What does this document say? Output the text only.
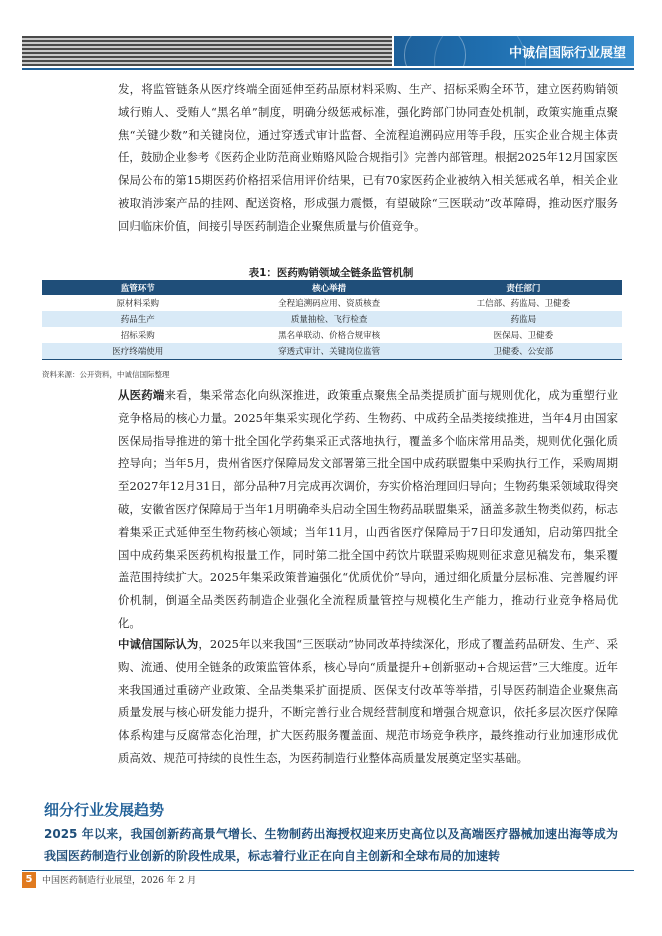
中诚信国际行业展望

发，将监管链条从医疗终端全面延伸至药品原材料采购、生产、招标采购全环节，建立医药购销领域行贿人、受贿人“黑名单”制度，明确分级惩戒标准，强化跨部门协同查处机制，政策实施重点聚焦“关键少数”和关键岗位，通过穿透式审计监督、全流程追溯码应用等手段，压实企业合规主体责任，鼓励企业参考《医药企业防范商业贿赂风险合规指引》完善内部管理。根据2025年12月国家医保局公布的第15期医药价格招采信用评价结果，已有70家医药企业被纳入相关惩戒名单，相关企业被取消涉案产品的挂网、配送资格，形成强力震慑，有望破除“三医联动”改革障碍，推动医疗服务回归临床价值，间接引导医药制造企业聚焦质量与价值竞争。

表1：医药购销领域全链条监管机制
监管环节	核心举措	责任部门
原材料采购	全程追溯码应用、资质核查	工信部、药监局、卫健委
药品生产	质量抽检、飞行检查	药监局
招标采购	黑名单联动、价格合规审核	医保局、卫健委
医疗终端使用	穿透式审计、关键岗位监管	卫健委、公安部
资料来源：公开资料，中诚信国际整理

从医药端来看，集采常态化向纵深推进，政策重点聚焦全品类提质扩面与规则优化，成为重塑行业竞争格局的核心力量。2025年集采实现化学药、生物药、中成药全品类接续推进，当年4月由国家医保局指导推进的第十批全国化学药集采正式落地执行，覆盖多个临床常用品类，规则优化强化质控导向；当年5月，贵州省医疗保障局发文部署第三批全国中成药联盟集中采购执行工作，采购周期至2027年12月31日，部分品种7月完成再次调价，夯实价格治理回归导向；生物药集采领域取得突破，安徽省医疗保障局于当年1月明确牵头启动全国生物药品联盟集采，涵盖多款生物类似药，标志着集采正式延伸至生物药核心领域；当年11月，山西省医疗保障局于7日印发通知，启动第四批全国中成药集采医药机构报量工作，同时第二批全国中药饮片联盟采购规则征求意见稿发布，集采覆盖范围持续扩大。2025年集采政策普遍强化“优质优价”导向，通过细化质量分层标准、完善履约评价机制，倒逼全品类医药制造企业强化全流程质量管控与规模化生产能力，推动行业竞争格局优化。

中诚信国际认为，2025年以来我国“三医联动”协同改革持续深化，形成了覆盖药品研发、生产、采购、流通、使用全链条的政策监管体系，核心导向“质量提升+创新驱动+合规运营”三大维度。近年来我国通过重磅产业政策、全品类集采扩面提质、医保支付改革等举措，引导医药制造企业聚焦高质量发展与核心研发能力提升，不断完善行业合规经营制度和增强合规意识，依托多层次医疗保障体系构建与反腐常态化治理，扩大医药服务覆盖面、规范市场竞争秩序，最终推动行业加速形成优质高效、规范可持续的良性生态，为医药制造行业整体高质量发展奠定坚实基础。

细分行业发展趋势

2025 年以来，我国创新药高景气增长、生物制药出海授权迎来历史高位以及高端医疗器械加速出海等成为我国医药制造行业创新的阶段性成果，标志着行业正在向自主创新和全球布局的加速转

5	中国医药制造行业展望，2026 年 2 月
